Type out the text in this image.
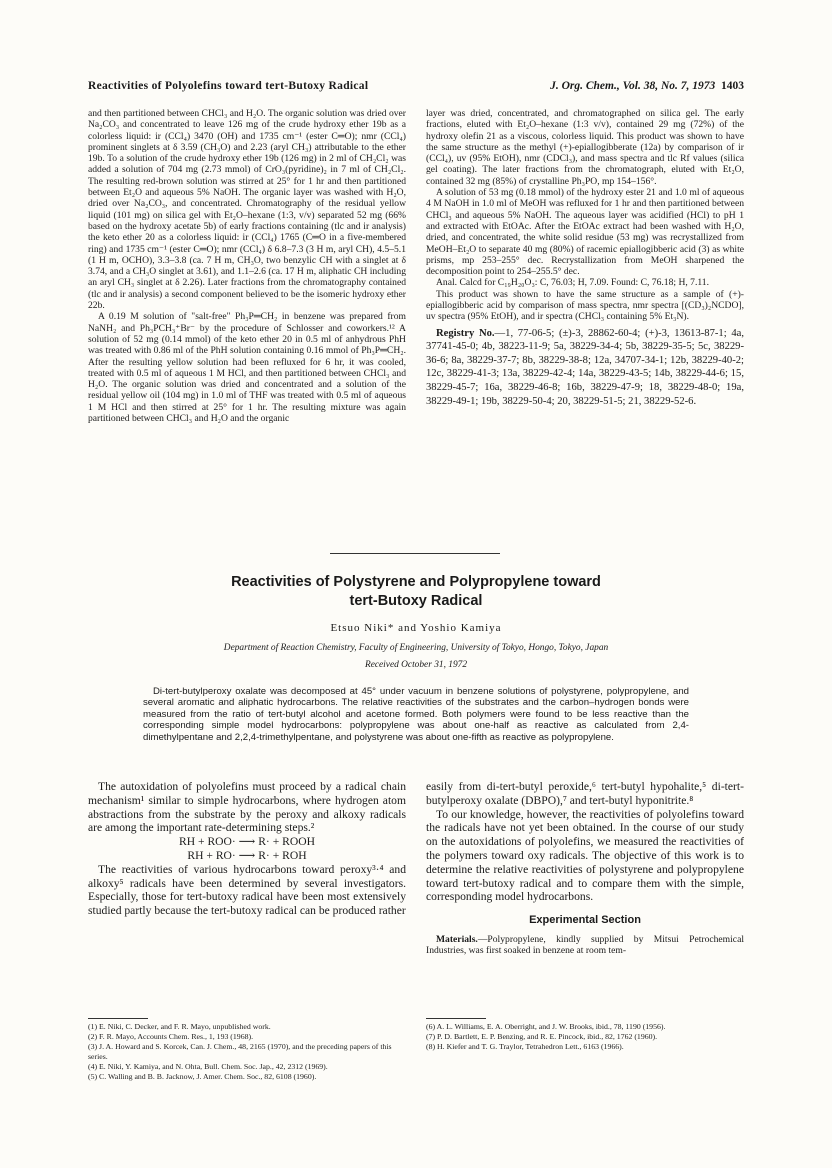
Reactivities of Polyolefins toward tert-Butoxy Radical	J. Org. Chem., Vol. 38, No. 7, 1973 1403

and then partitioned between CHCl₃ and H₂O. The organic solution was dried over Na₂CO₃ and concentrated to leave 126 mg of the crude hydroxy ether 19b as a colorless liquid: ir (CCl₄) 3470 (OH) and 1735 cm⁻¹ (ester C═O); nmr (CCl₄) prominent singlets at δ 3.59 (CH₃O) and 2.23 (aryl CH₃) attributable to the ether 19b. To a solution of the crude hydroxy ether 19b (126 mg) in 2 ml of CH₂Cl₂ was added a solution of 704 mg (2.73 mmol) of CrO₃(pyridine)₂ in 7 ml of CH₂Cl₂. The resulting red-brown solution was stirred at 25° for 1 hr and then partitioned between Et₂O and aqueous 5% NaOH. The organic layer was washed with H₂O, dried over Na₂CO₃, and concentrated. Chromatography of the residual yellow liquid (101 mg) on silica gel with Et₂O–hexane (1:3, v/v) separated 52 mg (66% based on the hydroxy acetate 5b) of early fractions containing (tlc and ir analysis) the keto ether 20 as a colorless liquid: ir (CCl₄) 1765 (C═O in a five-membered ring) and 1735 cm⁻¹ (ester C═O); nmr (CCl₄) δ 6.8–7.3 (3 H m, aryl CH), 4.5–5.1 (1 H m, OCHO), 3.3–3.8 (ca. 7 H m, CH₃O, two benzylic CH with a singlet at δ 3.74, and a CH₃O singlet at 3.61), and 1.1–2.6 (ca. 17 H m, aliphatic CH including an aryl CH₃ singlet at δ 2.26). Later fractions from the chromatography contained (tlc and ir analysis) a second component believed to be the isomeric hydroxy ether 22b.

A 0.19 M solution of "salt-free" Ph₃P═CH₂ in benzene was prepared from NaNH₂ and Ph₃PCH₃⁺Br⁻ by the procedure of Schlosser and coworkers.¹² A solution of 52 mg (0.14 mmol) of the keto ether 20 in 0.5 ml of anhydrous PhH was treated with 0.86 ml of the PhH solution containing 0.16 mmol of Ph₃P═CH₂. After the resulting yellow solution had been refluxed for 6 hr, it was cooled, treated with 0.5 ml of aqueous 1 M HCl, and then partitioned between CHCl₃ and H₂O. The organic solution was dried and concentrated and a solution of the residual yellow oil (104 mg) in 1.0 ml of THF was treated with 0.5 ml of aqueous 1 M HCl and then stirred at 25° for 1 hr. The resulting mixture was again partitioned between CHCl₃ and H₂O and the organic

layer was dried, concentrated, and chromatographed on silica gel. The early fractions, eluted with Et₂O–hexane (1:3 v/v), contained 29 mg (72%) of the hydroxy olefin 21 as a viscous, colorless liquid. This product was shown to have the same structure as the methyl (+)-epiallogibberate (12a) by comparison of ir (CCl₄), uv (95% EtOH), nmr (CDCl₃), and mass spectra and tlc Rf values (silica gel coating). The later fractions from the chromatograph, eluted with Et₂O, contained 32 mg (85%) of crystalline Ph₃PO, mp 154–156°.

A solution of 53 mg (0.18 mmol) of the hydroxy ester 21 and 1.0 ml of aqueous 4 M NaOH in 1.0 ml of MeOH was refluxed for 1 hr and then partitioned between CHCl₃ and aqueous 5% NaOH. The aqueous layer was acidified (HCl) to pH 1 and extracted with EtOAc. After the EtOAc extract had been washed with H₂O, dried, and concentrated, the white solid residue (53 mg) was recrystallized from MeOH–Et₂O to separate 40 mg (80%) of racemic epiallogibberic acid (3) as white prisms, mp 253–255° dec. Recrystallization from MeOH sharpened the decomposition point to 254–255.5° dec.

Anal. Calcd for C₁₉H₂₀O₃: C, 76.03; H, 7.09. Found: C, 76.18; H, 7.11.

This product was shown to have the same structure as a sample of (+)-epiallogibberic acid by comparison of mass spectra, nmr spectra [(CD₃)₂NCDO], uv spectra (95% EtOH), and ir spectra (CHCl₃ containing 5% Et₃N).

Registry No.—1, 77-06-5; (±)-3, 28862-60-4; (+)-3, 13613-87-1; 4a, 37741-45-0; 4b, 38223-11-9; 5a, 38229-34-4; 5b, 38229-35-5; 5c, 38229-36-6; 8a, 38229-37-7; 8b, 38229-38-8; 12a, 34707-34-1; 12b, 38229-40-2; 12c, 38229-41-3; 13a, 38229-42-4; 14a, 38229-43-5; 14b, 38229-44-6; 15, 38229-45-7; 16a, 38229-46-8; 16b, 38229-47-9; 18, 38229-48-0; 19a, 38229-49-1; 19b, 38229-50-4; 20, 38229-51-5; 21, 38229-52-6.

Reactivities of Polystyrene and Polypropylene toward
tert-Butoxy Radical
Etsuo Niki* and Yoshio Kamiya
Department of Reaction Chemistry, Faculty of Engineering, University of Tokyo, Hongo, Tokyo, Japan
Received October 31, 1972
Di-tert-butylperoxy oxalate was decomposed at 45° under vacuum in benzene solutions of polystyrene, polypropylene, and several aromatic and aliphatic hydrocarbons. The relative reactivities of the substrates and the carbon–hydrogen bonds were measured from the ratio of tert-butyl alcohol and acetone formed. Both polymers were found to be less reactive than the corresponding simple model hydrocarbons: polypropylene was about one-half as reactive as calculated from 2,4-dimethylpentane and 2,2,4-trimethylpentane, and polystyrene was about one-fifth as reactive as polypropylene.

The autoxidation of polyolefins must proceed by a radical chain mechanism¹ similar to simple hydrocarbons, where hydrogen atom abstractions from the substrate by the peroxy and alkoxy radicals are among the important rate-determining steps.²

RH + ROO· ⟶ R· + ROOH

RH + RO· ⟶ R· + ROH

The reactivities of various hydrocarbons toward peroxy³·⁴ and alkoxy⁵ radicals have been determined by several investigators. Especially, those for tert-butoxy radical have been most extensively studied partly because the tert-butoxy radical can be produced rather

easily from di-tert-butyl peroxide,⁶ tert-butyl hypohalite,⁵ di-tert-butylperoxy oxalate (DBPO),⁷ and tert-butyl hyponitrite.⁸

To our knowledge, however, the reactivities of polyolefins toward the radicals have not yet been obtained. In the course of our study on the autoxidations of polyolefins, we measured the reactivities of the polymers toward oxy radicals. The objective of this work is to determine the relative reactivities of polystyrene and polypropylene toward tert-butoxy radical and to compare them with the simple, corresponding model hydrocarbons.

Experimental Section

Materials.—Polypropylene, kindly supplied by Mitsui Petrochemical Industries, was first soaked in benzene at room tem-

(1) E. Niki, C. Decker, and F. R. Mayo, unpublished work.
(2) F. R. Mayo, Accounts Chem. Res., 1, 193 (1968).
(3) J. A. Howard and S. Korcek, Can. J. Chem., 48, 2165 (1970), and the preceding papers of this series.
(4) E. Niki, Y. Kamiya, and N. Ohta, Bull. Chem. Soc. Jap., 42, 2312 (1969).
(5) C. Walling and B. B. Jacknow, J. Amer. Chem. Soc., 82, 6108 (1960).
(6) A. L. Williams, E. A. Oberright, and J. W. Brooks, ibid., 78, 1190 (1956).
(7) P. D. Bartlett, E. P. Benzing, and R. E. Pincock, ibid., 82, 1762 (1960).
(8) H. Kiefer and T. G. Traylor, Tetrahedron Lett., 6163 (1966).
